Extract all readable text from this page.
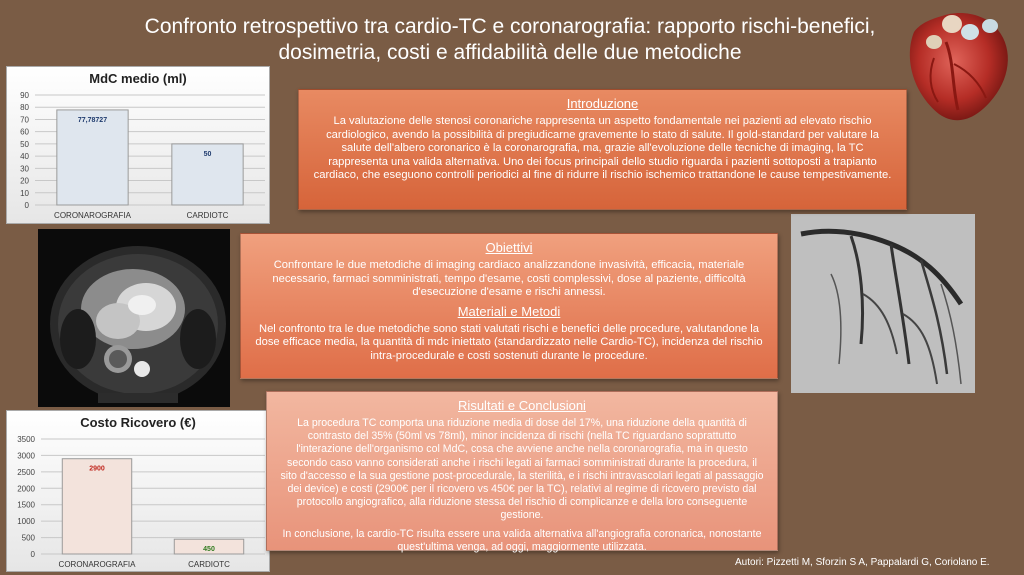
Confronto retrospettivo tra cardio-TC e coronarografia: rapporto rischi-benefici, dosimetria, costi e affidabilità delle due metodiche
MdC medio (ml)
0
10
20
30
40
50
60
70
80
90
77,78727
CORONAROGRAFIA
50
CARDIOTC
Costo Ricovero (€)
0
500
1000
1500
2000
2500
3000
3500
2900
CORONAROGRAFIA
450
CARDIOTC
Introduzione
La valutazione delle stenosi coronariche rappresenta un aspetto fondamentale nei pazienti ad elevato rischio cardiologico, avendo la possibilità di pregiudicarne gravemente lo stato di salute. Il gold-standard per valutare la salute dell'albero coronarico è la coronarografia, ma, grazie all'evoluzione delle tecniche di imaging, la TC rappresenta una valida alternativa. Uno dei focus principali dello studio riguarda i pazienti sottoposti a trapianto cardiaco, che eseguono controlli periodici al fine di ridurre il rischio ischemico trattandone le cause tempestivamente.
Obiettivi
Confrontare le due metodiche di imaging cardiaco analizzandone invasività, efficacia, materiale necessario, farmaci somministrati, tempo d'esame, costi complessivi, dose al paziente, difficoltà d'esecuzione d'esame e rischi annessi.
Materiali e Metodi
Nel confronto tra le due metodiche sono stati valutati rischi e benefici delle procedure, valutandone la dose efficace media, la quantità di mdc iniettato (standardizzato nelle Cardio-TC), incidenza del rischio intra-procedurale e costi sostenuti durante le procedure.
Risultati e Conclusioni
La procedura TC comporta una riduzione media di dose del 17%, una riduzione della quantità di contrasto del 35% (50ml vs 78ml), minor incidenza di rischi (nella TC riguardano soprattutto l'interazione dell'organismo col MdC, cosa che avviene anche nella coronarografia, ma in questo secondo caso vanno considerati anche i rischi legati ai farmaci somministrati durante la procedura, il sito d'accesso e la sua gestione post-procedurale, la sterilità, e i rischi intravascolari legati al passaggio dei device) e costi (2900€ per il ricovero vs 450€ per la TC), relativi al regime di ricovero previsto dal protocollo angiografico, alla riduzione stessa del rischio di complicanze e della loro conseguente gestione.
In conclusione, la cardio-TC risulta essere una valida alternativa all'angiografia coronarica, nonostante quest'ultima venga, ad oggi, maggiormente utilizzata.
Autori: Pizzetti M, Sforzin S A, Pappalardi G, Coriolano E.
